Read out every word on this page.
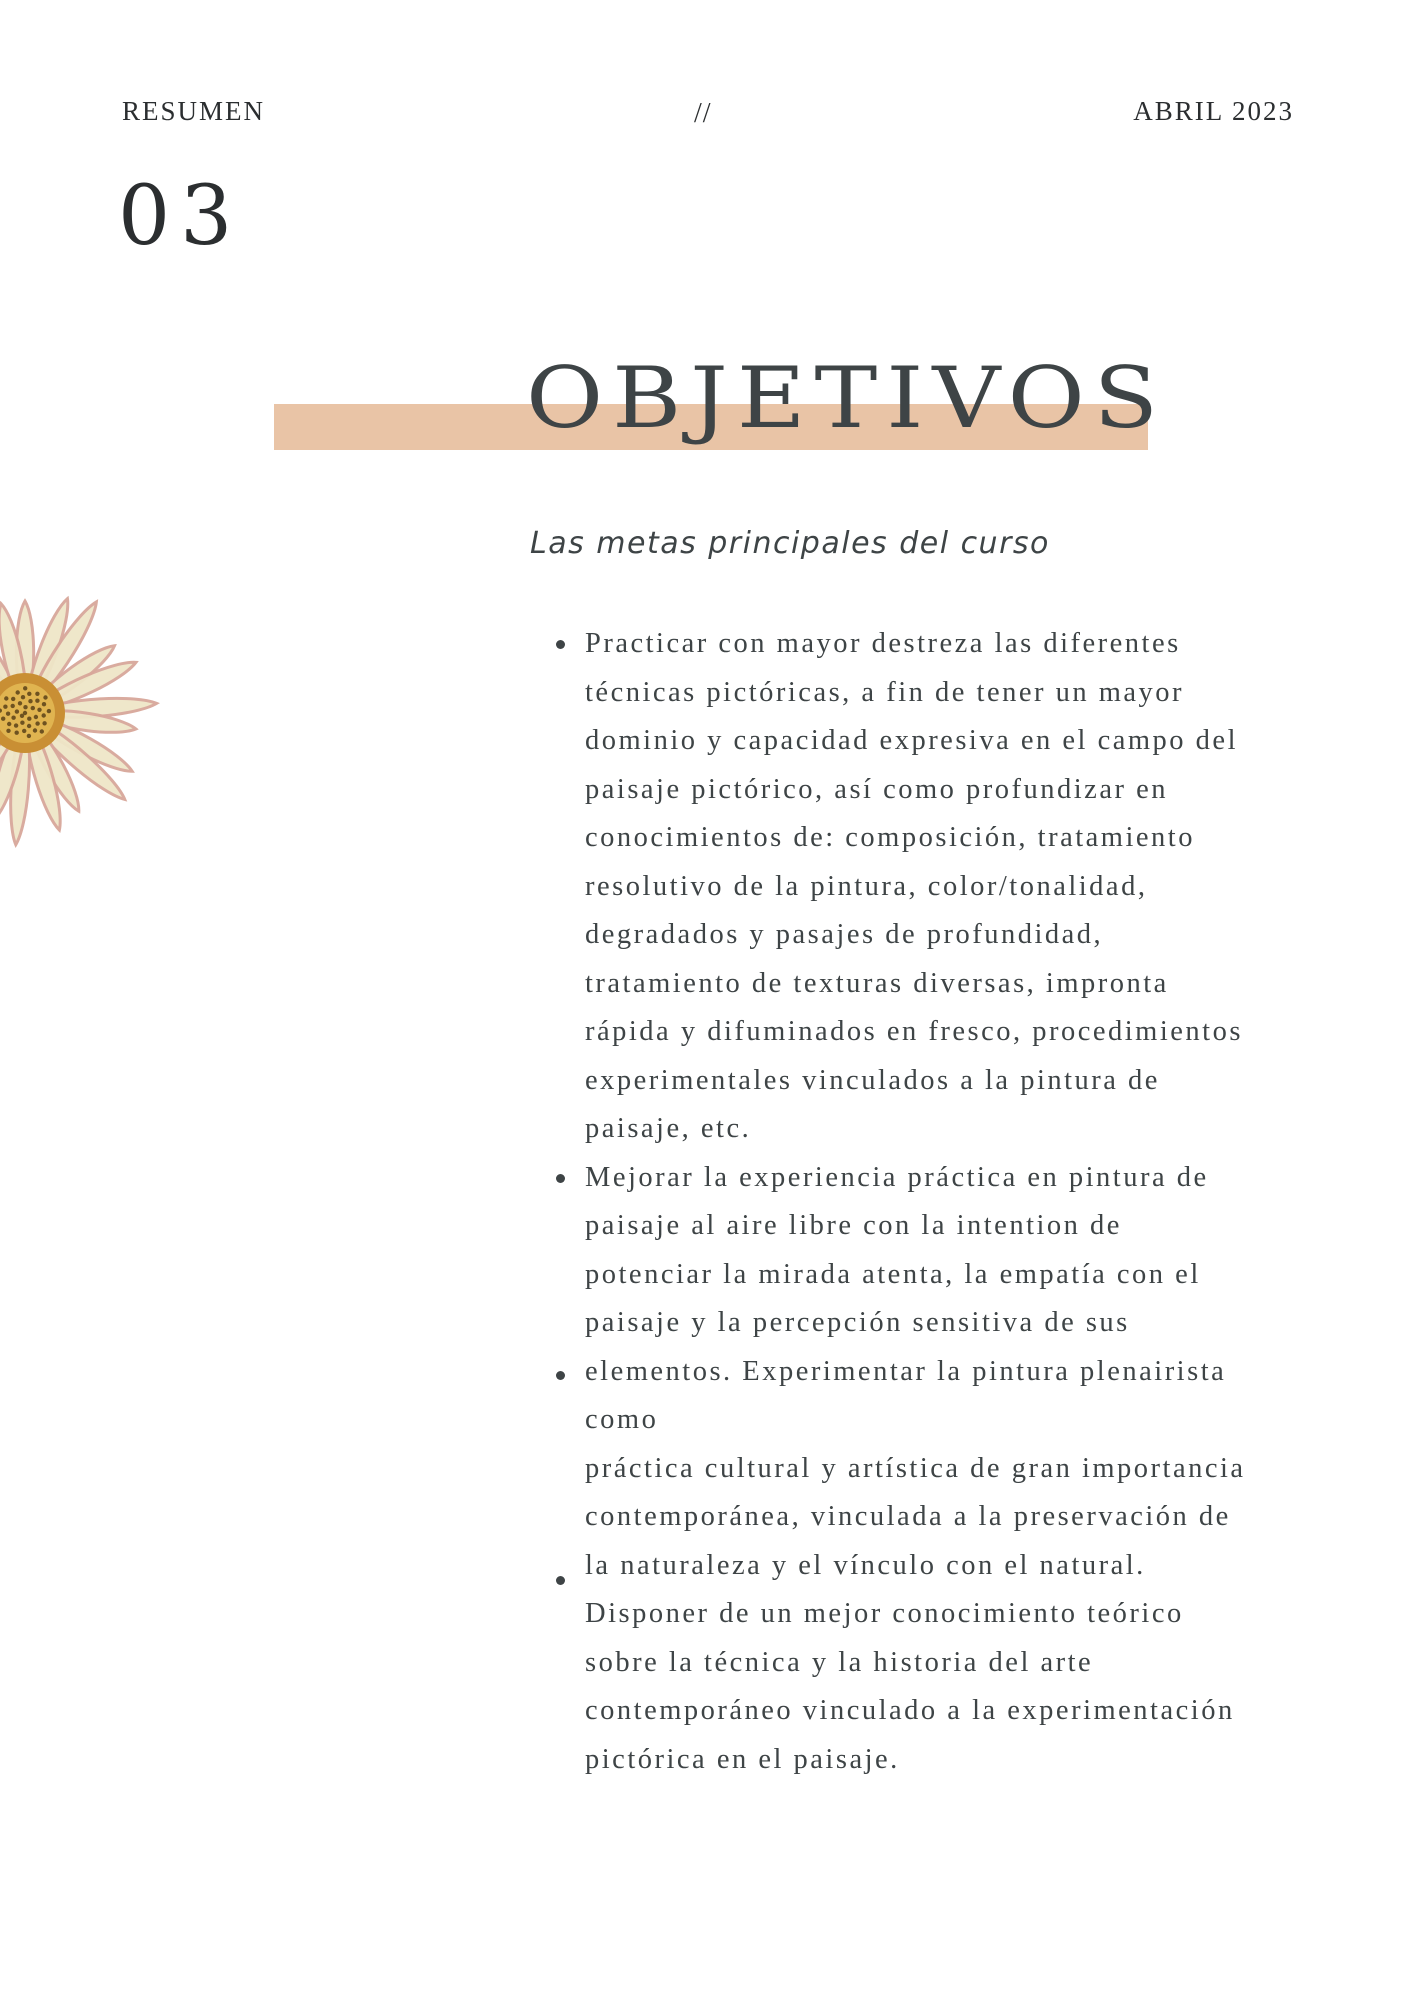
RESUMEN	//	ABRIL 2023
03
OBJETIVOS
Las metas principales del curso
Practicar con mayor destreza las diferentes
técnicas pictóricas, a fin de tener un mayor
dominio y capacidad expresiva en el campo del
paisaje pictórico, así como profundizar en
conocimientos de: composición, tratamiento
resolutivo de la pintura, color/tonalidad,
degradados y pasajes de profundidad,
tratamiento de texturas diversas, impronta
rápida y difuminados en fresco, procedimientos
experimentales vinculados a la pintura de
paisaje, etc.
Mejorar la experiencia práctica en pintura de
paisaje al aire libre con la intention de
potenciar la mirada atenta, la empatía con el
paisaje y la percepción sensitiva de sus
elementos. Experimentar la pintura plenairista
como
práctica cultural y artística de gran importancia
contemporánea, vinculada a la preservación de
la naturaleza y el vínculo con el natural.
Disponer de un mejor conocimiento teórico
sobre la técnica y la historia del arte
contemporáneo vinculado a la experimentación
pictórica en el paisaje.
